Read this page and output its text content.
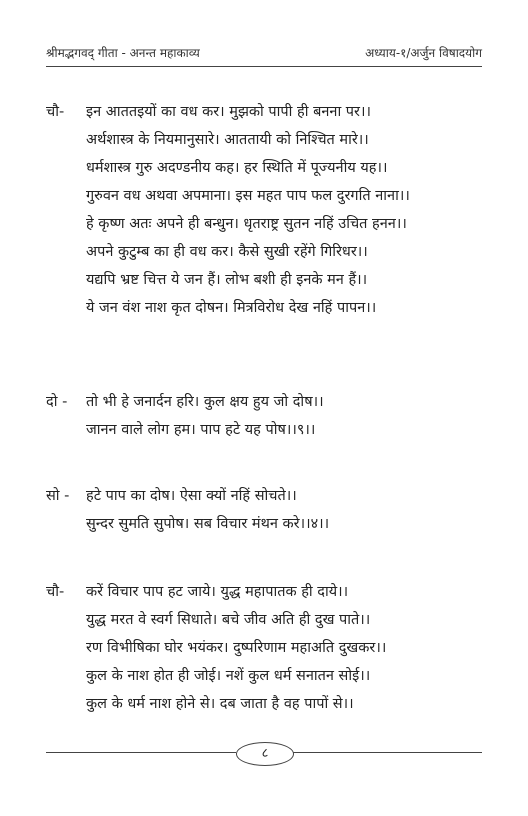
श्रीमद्भगवद् गीता - अनन्त महाकाव्य	अध्याय-१/अर्जुन विषादयोग
चौ- इन आततइयों का वध कर। मुझको पापी ही बनना पर।।
अर्थशास्त्र के नियमानुसारे। आततायी को निश्चित मारे।।
धर्मशास्त्र गुरु अदण्डनीय कह। हर स्थिति में पूज्यनीय यह।।
गुरुवन वध अथवा अपमाना। इस महत पाप फल दुरगति नाना।।
हे कृष्ण अतः अपने ही बन्धुन। धृतराष्ट्र सुतन नहिं उचित हनन।।
अपने कुटुम्ब का ही वध कर। कैसे सुखी रहेंगे गिरिधर।।
यद्यपि भ्रष्ट चित्त ये जन हैं। लोभ बशी ही इनके मन हैं।।
ये जन वंश नाश कृत दोषन। मित्रविरोध देख नहिं पापन।।
दो - तो भी हे जनार्दन हरि। कुल क्षय हुय जो दोष।।
जानन वाले लोग हम। पाप हटे यह पोष।।९।।
सो - हटे पाप का दोष। ऐसा क्यों नहिं सोचते।।
सुन्दर सुमति सुपोष। सब विचार मंथन करे।।४।।
चौ- करें विचार पाप हट जाये। युद्ध महापातक ही दाये।।
युद्ध मरत वे स्वर्ग सिधाते। बचे जीव अति ही दुख पाते।।
रण विभीषिका घोर भयंकर। दुष्परिणाम महाअति दुखकर।।
कुल के नाश होत ही जोई। नशें कुल धर्म सनातन सोई।।
कुल के धर्म नाश होने से। दब जाता है वह पापों से।।
८
